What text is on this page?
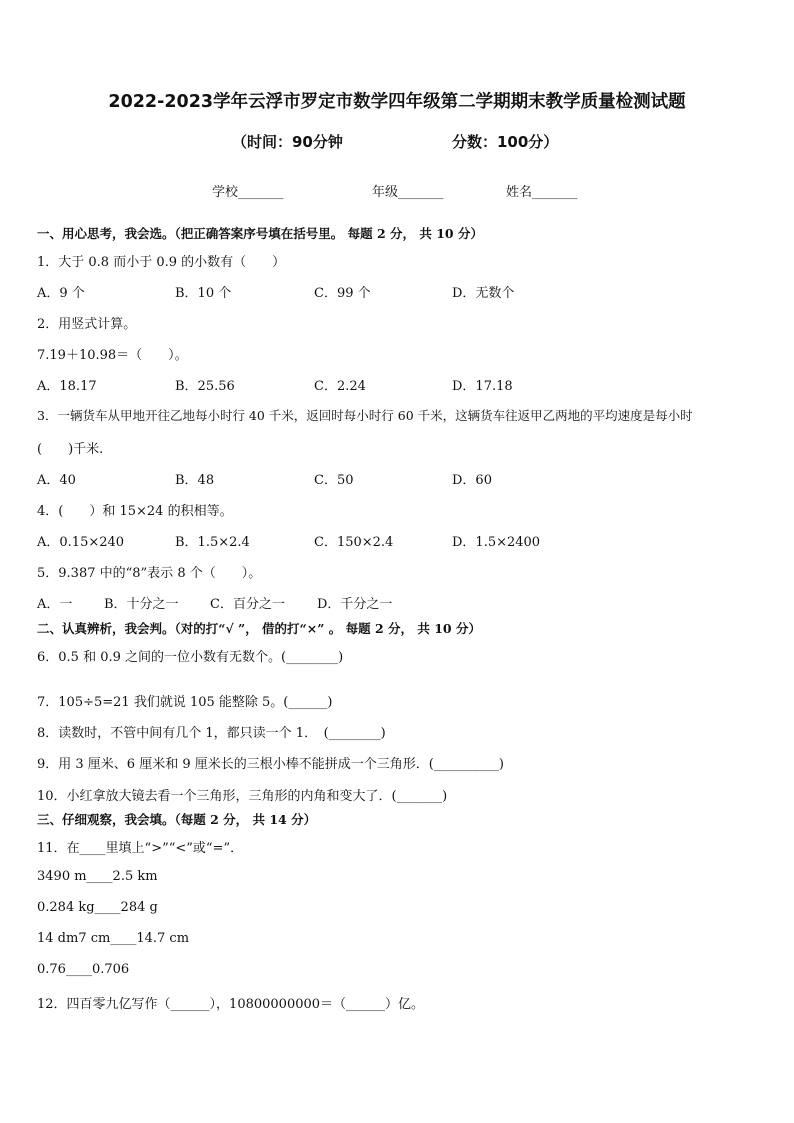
2022-2023学年云浮市罗定市数学四年级第二学期期末教学质量检测试题
（时间：90分钟	分数：100分）
学校_______	年级_______	姓名_______
一、用心思考，我会选。（把正确答案序号填在括号里。 每题 2 分， 共 10 分）
1．大于 0.8 而小于 0.9 的小数有（　　）
A．9 个	B．10 个	C．99 个	D．无数个
2．用竖式计算。
7.19＋10.98＝（　　）。
A．18.17	B．25.56	C．2.24	D．17.18
3．一辆货车从甲地开往乙地每小时行 40 千米，返回时每小时行 60 千米，这辆货车往返甲乙两地的平均速度是每小时
(　　)千米.
A．40	B．48	C．50	D．60
4．(　　）和 15×24 的积相等。
A．0.15×240	B．1.5×2.4	C．150×2.4	D．1.5×2400
5．9.387 中的“8”表示 8 个（　　）。
A．一 B．十分之一 C．百分之一 D．千分之一
二、认真辨析，我会判。（对的打“√ ”， 借的打“×” 。 每题 2 分， 共 10 分）
6．0.5 和 0.9 之间的一位小数有无数个。(________)
7．105÷5=21 我们就说 105 能整除 5。(______)
8．读数时，不管中间有几个 1，都只读一个 1．　(________)
9．用 3 厘米、6 厘米和 9 厘米长的三根小棒不能拼成一个三角形．(__________)
10．小红拿放大镜去看一个三角形，三角形的内角和变大了．(_______)
三、仔细观察，我会填。（每题 2 分， 共 14 分）
11．在____里填上“>”“<”或“=”．
3490 m____2.5 km
0.284 kg____284 g
14 dm7 cm____14.7 cm
0.76____0.706
12．四百零九亿写作（______），10800000000＝（______）亿。
